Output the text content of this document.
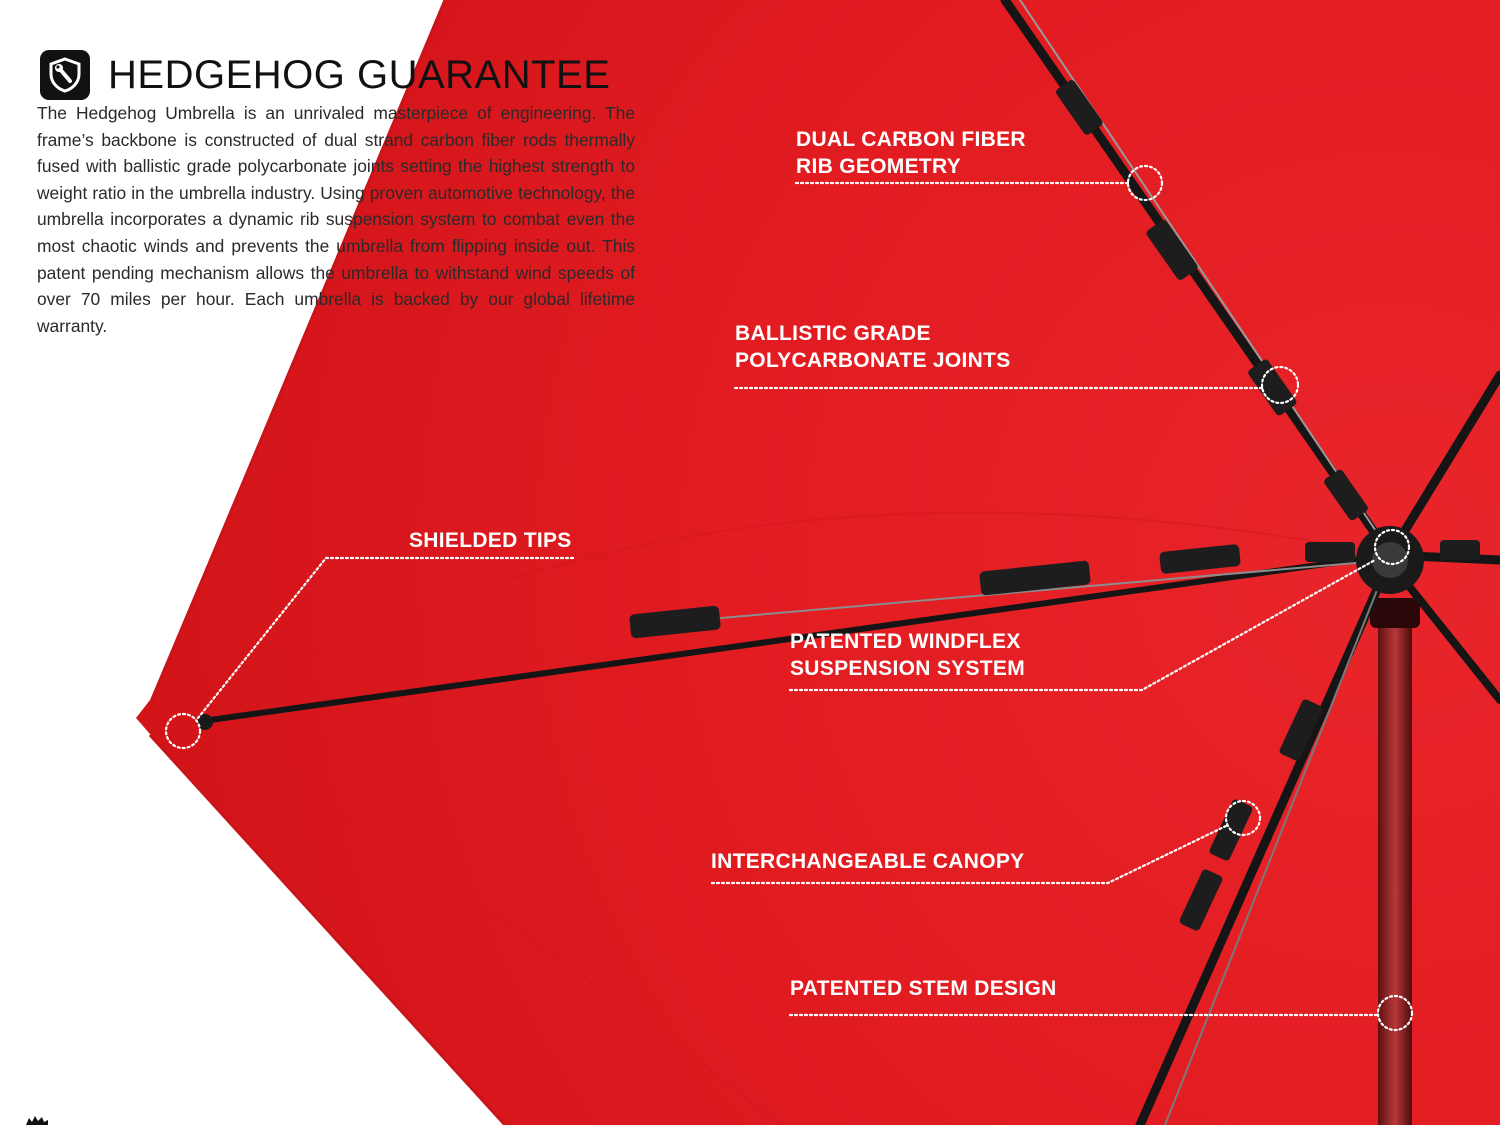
HEDGEHOG GUARANTEE

The Hedgehog Umbrella is an unrivaled masterpiece of engineering. The frame’s backbone is constructed of dual strand carbon fiber rods thermally fused with ballistic grade polycarbonate joints setting the highest strength to weight ratio in the umbrella industry. Using proven automotive technology, the umbrella incorporates a dynamic rib suspension system to combat even the most chaotic winds and prevents the umbrella from flipping inside out. This patent pending mechanism allows the umbrella to withstand wind speeds of over 70 miles per hour. Each umbrella is backed by our global lifetime warranty.

DUAL CARBON FIBER
RIB GEOMETRY
BALLISTIC GRADE
POLYCARBONATE JOINTS
SHIELDED TIPS
PATENTED WINDFLEX
SUSPENSION SYSTEM
INTERCHANGEABLE CANOPY
PATENTED STEM DESIGN
